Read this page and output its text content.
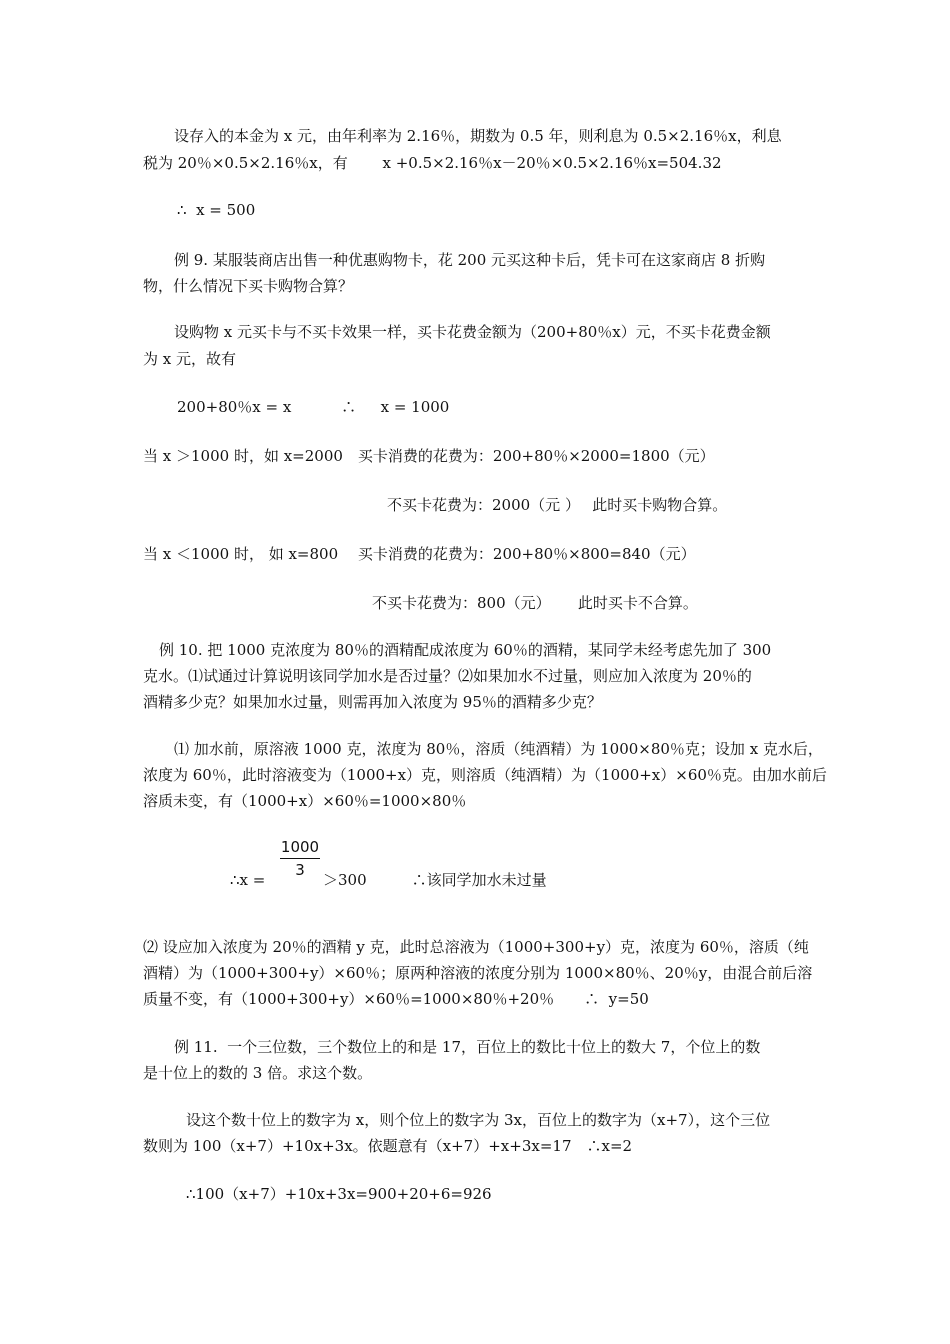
设存入的本金为 x 元，由年利率为 2.16％，期数为 0.5 年，则利息为 0.5×2.16％x，利息

税为 20％×0.5×2.16％x，有　　 x +0.5×2.16％x－20％×0.5×2.16％x=504.32

∴  x = 500

例 9. 某服装商店出售一种优惠购物卡，花 200 元买这种卡后，凭卡可在这家商店 8 折购

物，什么情况下买卡购物合算？

设购物 x 元买卡与不买卡效果一样，买卡花费金额为（200+80％x）元，不买卡花费金额

为 x 元，故有

200+80％x = x　　　 ∴  　x = 1000

当 x ＞1000 时，如 x=2000　买卡消费的花费为：200+80％×2000=1800（元）

不买卡花费为：2000（元 ）　 此时买卡购物合算。

当 x ＜1000 时， 如 x=800　 买卡消费的花费为：200+80％×800=840（元）

不买卡花费为：800（元）　　 此时买卡不合算。

例 10. 把 1000 克浓度为 80％的酒精配成浓度为 60％的酒精，某同学未经考虑先加了 300

克水。⑴试通过计算说明该同学加水是否过量？⑵如果加水不过量，则应加入浓度为 20％的

酒精多少克？如果加水过量，则需再加入浓度为 95％的酒精多少克？

⑴ 加水前，原溶液 1000 克，浓度为 80％，溶质（纯酒精）为 1000×80％克；设加 x 克水后，

浓度为 60％，此时溶液变为（1000+x）克，则溶质（纯酒精）为（1000+x）×60％克。由加水前后

溶质未变，有（1000+x）×60％=1000×80％

1000
3

∴x =	＞300　　　∴该同学加水未过量

⑵ 设应加入浓度为 20％的酒精 y 克，此时总溶液为（1000+300+y）克，浓度为 60％，溶质（纯

酒精）为（1000+300+y）×60％；原两种溶液的浓度分别为 1000×80％、20％y，由混合前后溶

质量不变，有（1000+300+y）×60％=1000×80％+20％　　∴  y=50

例 11.  一个三位数，三个数位上的和是 17，百位上的数比十位上的数大 7，个位上的数

是十位上的数的 3 倍。求这个数。

设这个数十位上的数字为 x，则个位上的数字为 3x，百位上的数字为（x+7），这个三位

数则为 100（x+7）+10x+3x。依题意有（x+7）+x+3x=17　∴x=2

∴100（x+7）+10x+3x=900+20+6=926
